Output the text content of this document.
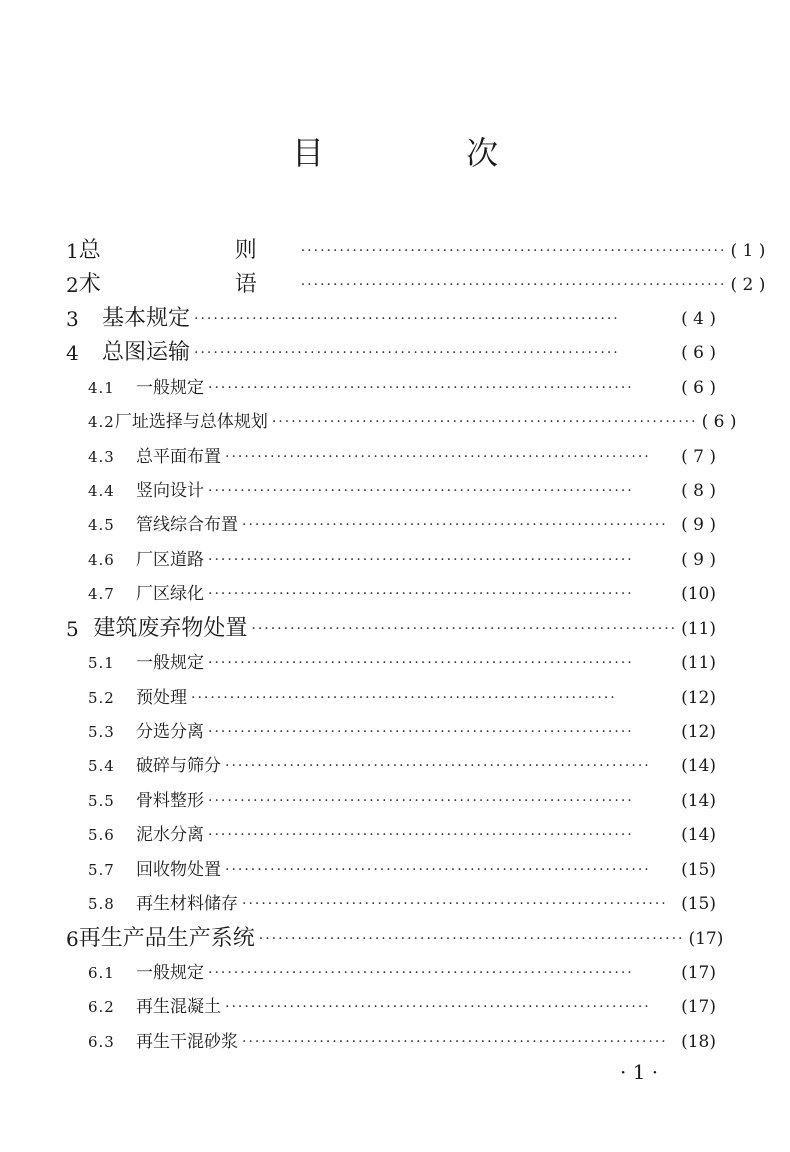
目 次
1 总  则 ·································································· ( 1 )
2 术  语 ·································································· ( 2 )
3	基本规定 ··································································	( 4 )
4	总图运输 ··································································	( 6 )
4.1	一般规定 ··································································	( 6 )
4.2 厂址选择与总体规划 ·································································· ( 6 )
4.3	总平面布置 ··································································	( 7 )
4.4	竖向设计 ··································································	( 8 )
4.5	管线综合布置 ·································································· ( 9 )
4.6	厂区道路 ··································································	( 9 )
4.7	厂区绿化 ··································································	(10)
5 建筑废弃物处置 ·································································· (11)
5.1	一般规定 ··································································	(11)
5.2	预处理 ··································································	(12)
5.3	分选分离 ··································································	(12)
5.4	破碎与筛分 ··································································	(14)
5.5	骨料整形 ··································································	(14)
5.6	泥水分离 ··································································	(14)
5.7	回收物处置 ··································································	(15)
5.8	再生材料储存 ·································································· (15)
6 再生产品生产系统 ·································································· (17)
6.1	一般规定 ··································································	(17)
6.2	再生混凝土 ··································································	(17)
6.3	再生干混砂浆 ·································································· (18)
· 1 ·
